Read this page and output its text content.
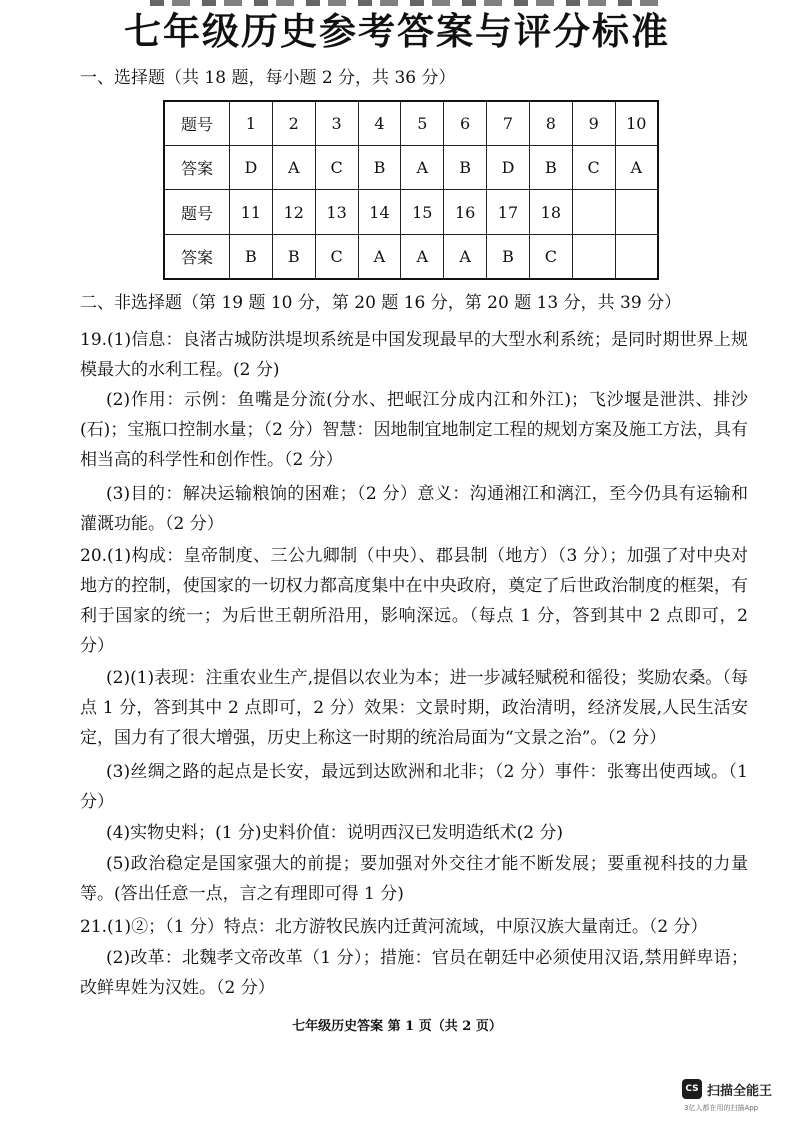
七年级历史参考答案与评分标准
一、选择题（共 18 题，每小题 2 分，共 36 分）
题号	1	2	3	4	5	6	7	8	9	10
答案	D	A	C	B	A	B	D	B	C	A
题号	11	12	13	14	15	16	17	18		
答案	B	B	C	A	A	A	B	C		
二、非选择题（第 19 题 10 分，第 20 题 16 分，第 20 题 13 分，共 39 分）
19.(1)信息：良渚古城防洪堤坝系统是中国发现最早的大型水利系统；是同时期世界上规模最大的水利工程。(2 分)
(2)作用：示例：鱼嘴是分流(分水、把岷江分成内江和外江)；飞沙堰是泄洪、排沙(石)；宝瓶口控制水量；（2 分）智慧：因地制宜地制定工程的规划方案及施工方法，具有相当高的科学性和创作性。（2 分）
(3)目的：解决运输粮饷的困难；（2 分）意义：沟通湘江和漓江，至今仍具有运输和灌溉功能。（2 分）
20.(1)构成：皇帝制度、三公九卿制（中央）、郡县制（地方）（3 分）；加强了对中央对地方的控制，使国家的一切权力都高度集中在中央政府，奠定了后世政治制度的框架，有利于国家的统一；为后世王朝所沿用，影响深远。（每点 1 分，答到其中 2 点即可，2 分）
(2)(1)表现：注重农业生产,提倡以农业为本；进一步减轻赋税和徭役；奖励农桑。（每点 1 分，答到其中 2 点即可，2 分）效果：文景时期，政治清明，经济发展,人民生活安定，国力有了很大增强，历史上称这一时期的统治局面为“文景之治”。（2 分）
(3)丝绸之路的起点是长安，最远到达欧洲和北非；（2 分）事件：张骞出使西域。（1 分）
(4)实物史料；(1 分)史料价值：说明西汉已发明造纸术(2 分)
(5)政治稳定是国家强大的前提；要加强对外交往才能不断发展；要重视科技的力量等。(答出任意一点，言之有理即可得 1 分)
21.(1)②；（1 分）特点：北方游牧民族内迁黄河流域，中原汉族大量南迁。（2 分）
(2)改革：北魏孝文帝改革（1 分）；措施：官员在朝廷中必须使用汉语,禁用鲜卑语；改鲜卑姓为汉姓。（2 分）
七年级历史答案 第 1 页（共 2 页）
CS 扫描全能王
3亿人都在用的扫描App
